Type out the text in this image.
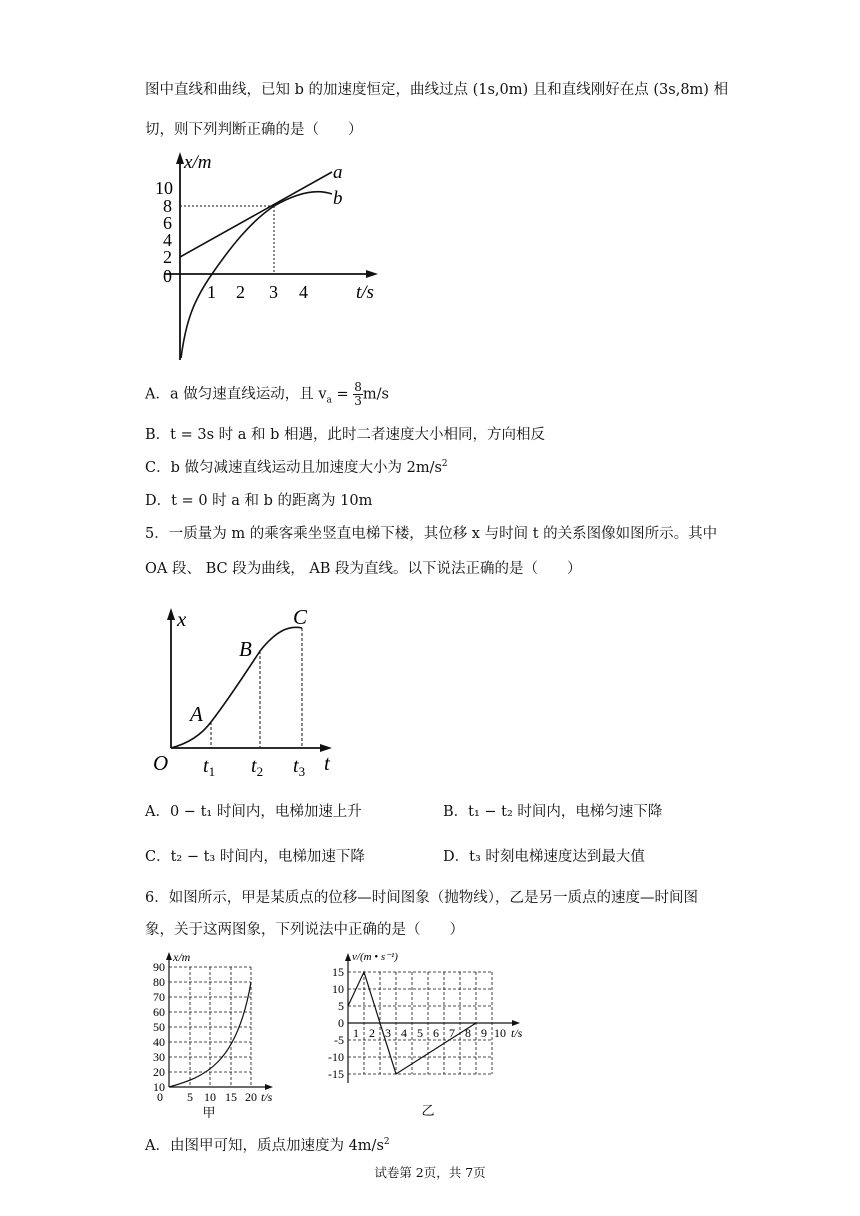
图中直线和曲线，已知 b 的加速度恒定，曲线过点 (1s,0m) 且和直线刚好在点 (3s,8m) 相
切，则下列判断正确的是（　　）
x/m
10
8
6
4
2
0
1 2 3 4	t/s
a
b
A．a 做匀速直线运动，且 $v_a = \frac{8}{3} m/s$
B．t = 3s 时 a 和 b 相遇，此时二者速度大小相同，方向相反
C．b 做匀减速直线运动且加速度大小为 $2m/s^2$
D．t = 0 时 a 和 b 的距离为 10m
5．一质量为 m 的乘客乘坐竖直电梯下楼，其位移 x 与时间 t 的关系图像如图所示。其中
OA 段、 BC 段为曲线， AB 段为直线。以下说法正确的是（　　）
x
t
O
A
B
C
$t_1$ $t_2$ $t_3$
A．0 − t₁ 时间内，电梯加速上升	B．t₁ − t₂ 时间内，电梯匀速下降
C．t₂ − t₃ 时间内，电梯加速下降	D．t₃ 时刻电梯速度达到最大值
6．如图所示，甲是某质点的位移—时间图象（抛物线），乙是另一质点的速度—时间图
象，关于这两图象，下列说法中正确的是（　　）
x/m
90
80
70
60
50
40
30
20
10
0 5 10 15 20 t/s
甲
v/(m • s⁻¹)
15
10
5
0
-5
-10
-15
1 2 3 4 5 6 7 8 9 10 t/s
乙
A．由图甲可知，质点加速度为 $4m/s^2$
试卷第 2页，共 7页
